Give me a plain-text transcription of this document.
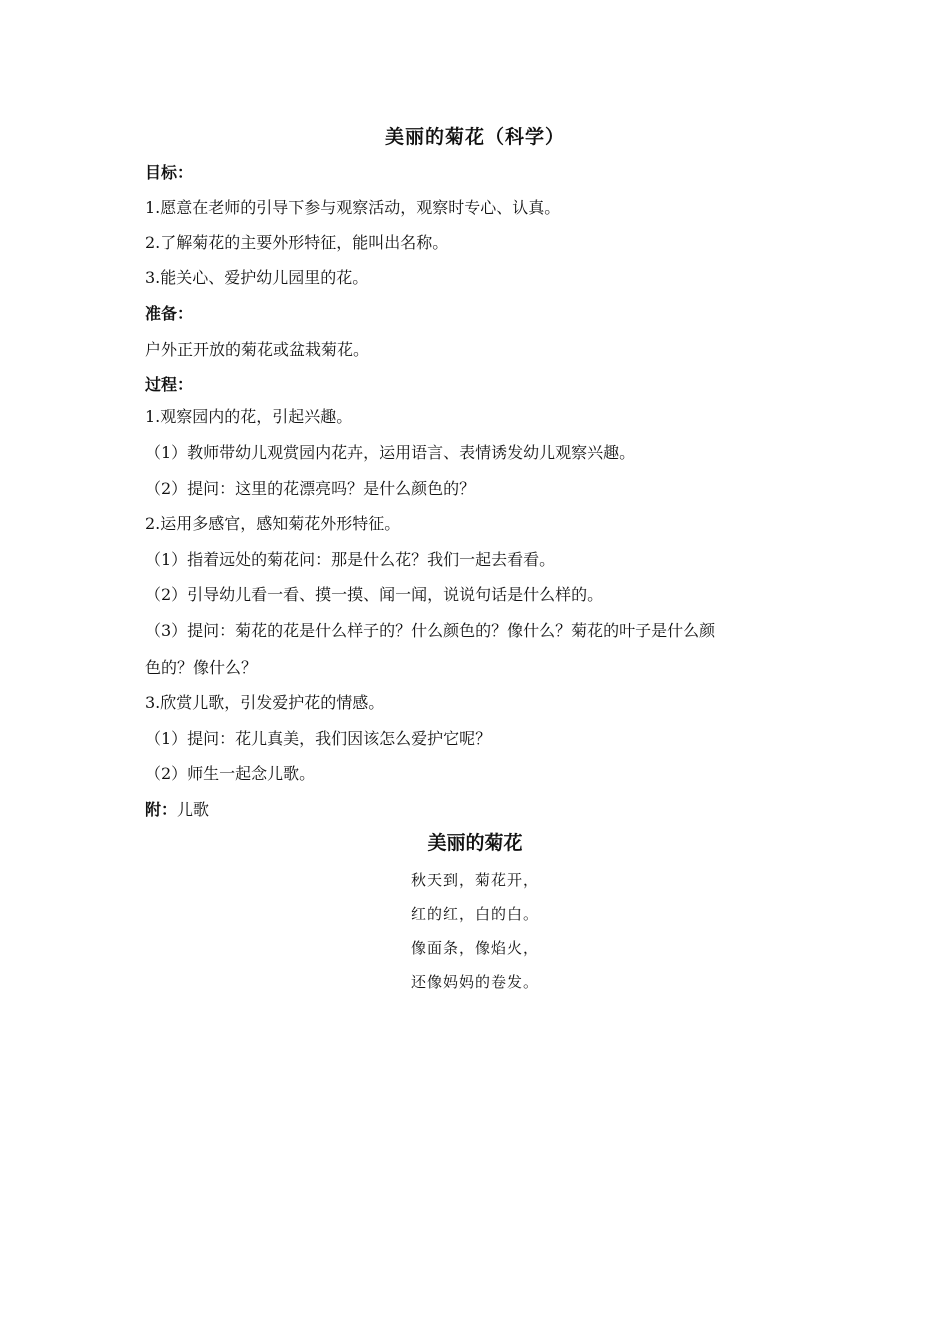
美丽的菊花（科学）
目标：
1.愿意在老师的引导下参与观察活动，观察时专心、认真。
2.了解菊花的主要外形特征，能叫出名称。
3.能关心、爱护幼儿园里的花。
准备：
户外正开放的菊花或盆栽菊花。
过程：
1.观察园内的花，引起兴趣。
（1）教师带幼儿观赏园内花卉，运用语言、表情诱发幼儿观察兴趣。
（2）提问：这里的花漂亮吗？是什么颜色的？
2.运用多感官，感知菊花外形特征。
（1）指着远处的菊花问：那是什么花？我们一起去看看。
（2）引导幼儿看一看、摸一摸、闻一闻，说说句话是什么样的。
（3）提问：菊花的花是什么样子的？什么颜色的？像什么？菊花的叶子是什么颜
色的？像什么？
3.欣赏儿歌，引发爱护花的情感。
（1）提问：花儿真美，我们因该怎么爱护它呢？
（2）师生一起念儿歌。
附：儿歌
美丽的菊花
秋天到，菊花开，
红的红，白的白。
像面条，像焰火，
还像妈妈的卷发。
